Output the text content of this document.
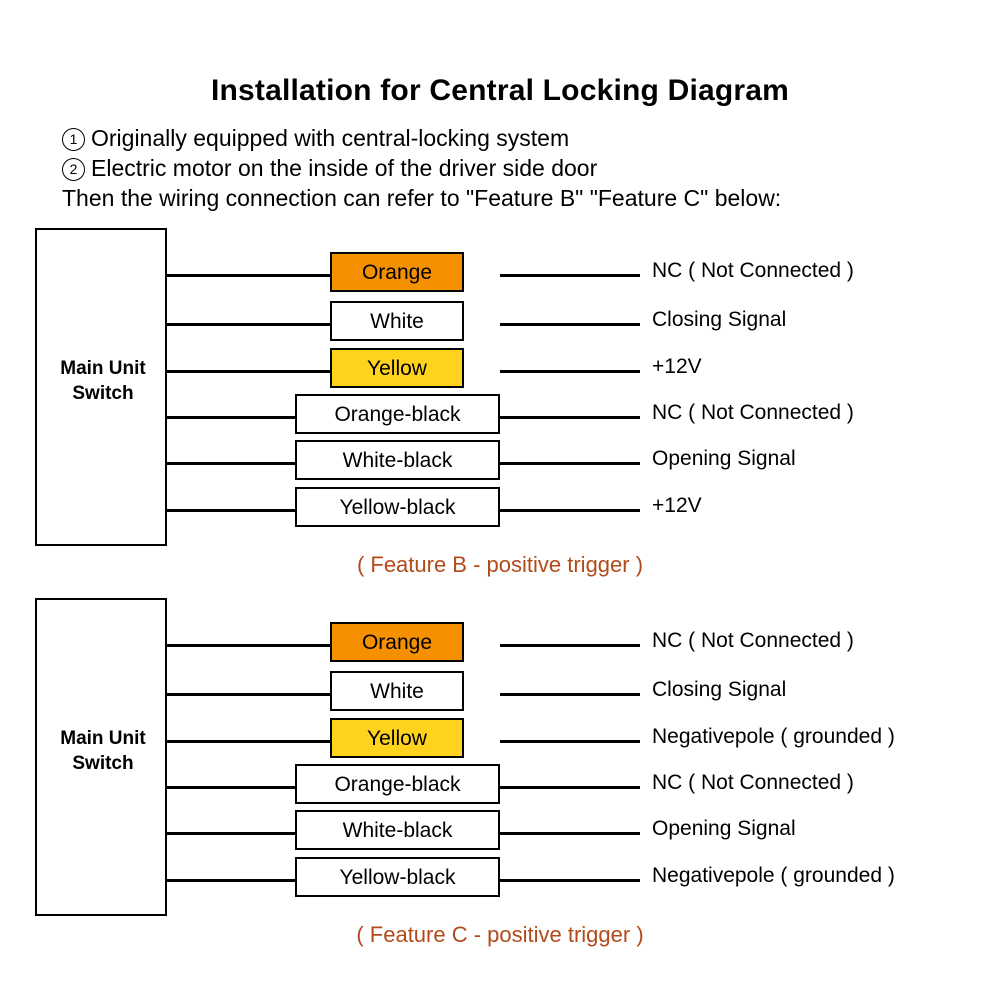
Installation for Central Locking Diagram
1 Originally equipped with central-locking system
2 Electric motor on the inside of the driver side door
Then the wiring connection can refer to "Feature B" "Feature C" below:
Main Unit
Switch
Orange	NC ( Not Connected )
White	Closing Signal
Yellow	+12V
Orange-black	NC ( Not Connected )
White-black	Opening Signal
Yellow-black	+12V
( Feature B - positive trigger )
Main Unit
Switch
Orange	NC ( Not Connected )
White	Closing Signal
Yellow	Negativepole ( grounded )
Orange-black	NC ( Not Connected )
White-black	Opening Signal
Yellow-black	Negativepole ( grounded )
( Feature C - positive trigger )
